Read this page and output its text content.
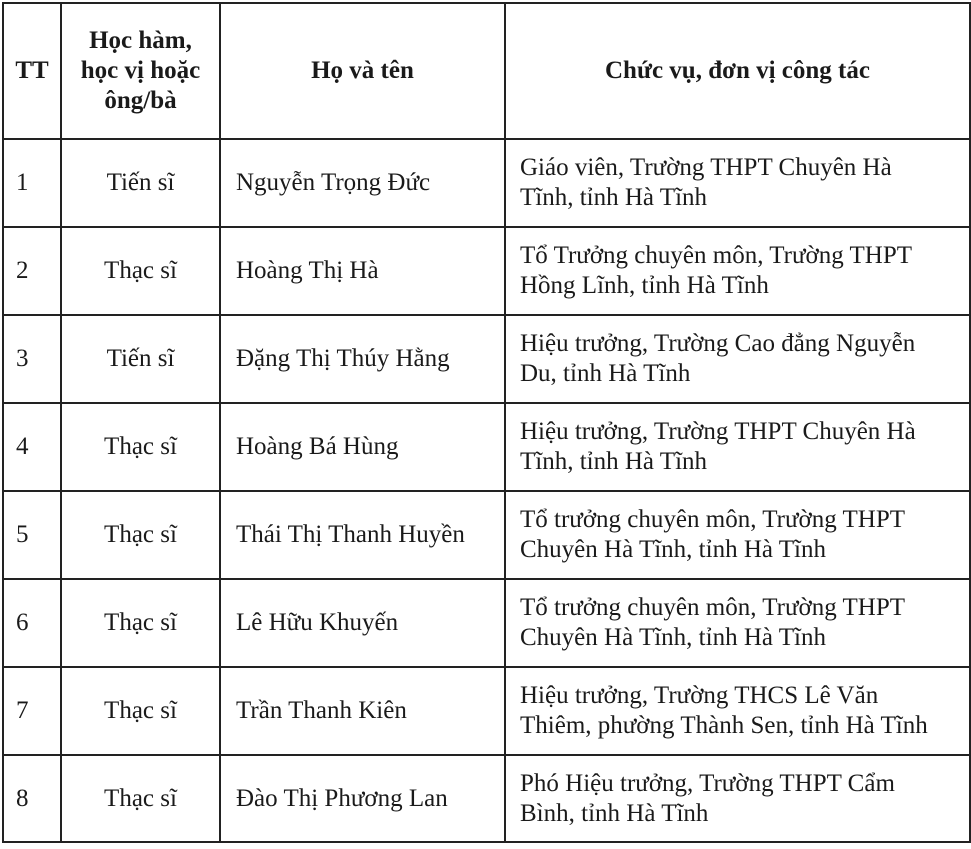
TT	Học hàm,
học vị hoặc
ông/bà	Họ và tên	Chức vụ, đơn vị công tác
1	Tiến sĩ	Nguyễn Trọng Đức	Giáo viên, Trường THPT Chuyên Hà
Tĩnh, tỉnh Hà Tĩnh

2	Thạc sĩ	Hoàng Thị Hà	Tổ Trưởng chuyên môn, Trường THPT
Hồng Lĩnh, tỉnh Hà Tĩnh

3	Tiến sĩ	Đặng Thị Thúy Hằng	Hiệu trưởng, Trường Cao đẳng Nguyễn
Du, tỉnh Hà Tĩnh

4	Thạc sĩ	Hoàng Bá Hùng	Hiệu trưởng, Trường THPT Chuyên Hà
Tĩnh, tỉnh Hà Tĩnh

5	Thạc sĩ	Thái Thị Thanh Huyền	Tổ trưởng chuyên môn, Trường THPT
Chuyên Hà Tĩnh, tỉnh Hà Tĩnh

6	Thạc sĩ	Lê Hữu Khuyến	Tổ trưởng chuyên môn, Trường THPT
Chuyên Hà Tĩnh, tỉnh Hà Tĩnh

7	Thạc sĩ	Trần Thanh Kiên	Hiệu trưởng, Trường THCS Lê Văn
Thiêm, phường Thành Sen, tỉnh Hà Tĩnh

8	Thạc sĩ	Đào Thị Phương Lan	Phó Hiệu trưởng, Trường THPT Cẩm
Bình, tỉnh Hà Tĩnh
